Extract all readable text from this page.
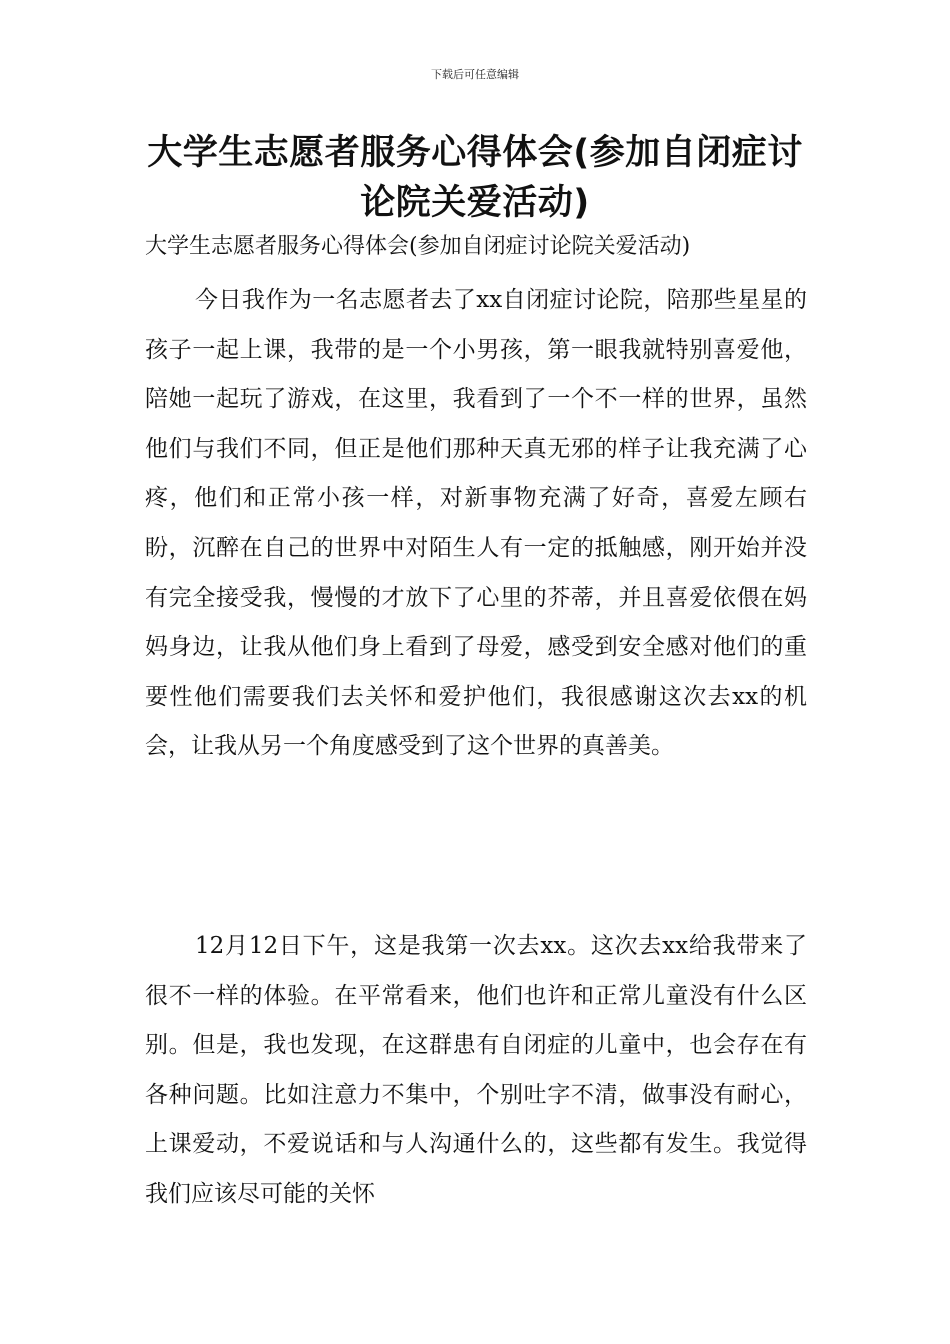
下载后可任意编辑
大学生志愿者服务心得体会(参加自闭症讨论院关爱活动)
大学生志愿者服务心得体会(参加自闭症讨论院关爱活动)

今日我作为一名志愿者去了xx自闭症讨论院，陪那些星星的孩子一起上课，我带的是一个小男孩，第一眼我就特别喜爱他，陪她一起玩了游戏，在这里，我看到了一个不一样的世界，虽然他们与我们不同，但正是他们那种天真无邪的样子让我充满了心疼，他们和正常小孩一样，对新事物充满了好奇，喜爱左顾右盼，沉醉在自己的世界中对陌生人有一定的抵触感，刚开始并没有完全接受我，慢慢的才放下了心里的芥蒂，并且喜爱依偎在妈妈身边，让我从他们身上看到了母爱，感受到安全感对他们的重要性他们需要我们去关怀和爱护他们，我很感谢这次去xx的机会，让我从另一个角度感受到了这个世界的真善美。

12月12日下午，这是我第一次去xx。这次去xx给我带来了很不一样的体验。在平常看来，他们也许和正常儿童没有什么区别。但是，我也发现，在这群患有自闭症的儿童中，也会存在有各种问题。比如注意力不集中，个别吐字不清，做事没有耐心，上课爱动，不爱说话和与人沟通什么的，这些都有发生。我觉得我们应该尽可能的关怀
